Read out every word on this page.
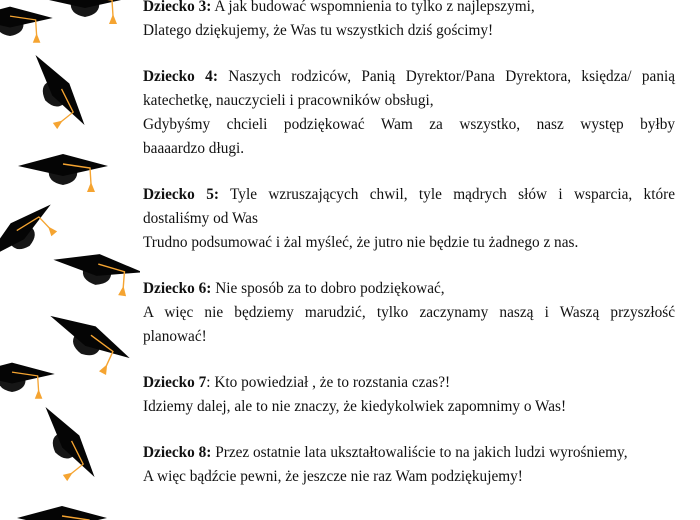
Dziecko 3: A jak budować wspomnienia to tylko z najlepszymi,
Dlatego dziękujemy, że Was tu wszystkich dziś gościmy!
Dziecko 4: Naszych rodziców, Panią Dyrektor/Pana Dyrektora, księdza/ panią
katechetkę, nauczycieli i pracowników obsługi,
Gdybyśmy chcieli podziękować Wam za wszystko, nasz występ byłby
baaaardzo długi.
Dziecko 5: Tyle wzruszających chwil, tyle mądrych słów i wsparcia, które
dostaliśmy od Was
Trudno podsumować i żal myśleć, że jutro nie będzie tu żadnego z nas.
Dziecko 6: Nie sposób za to dobro podziękować,
A więc nie będziemy marudzić, tylko zaczynamy naszą i Waszą przyszłość
planować!
Dziecko 7: Kto powiedział , że to rozstania czas?!
Idziemy dalej, ale to nie znaczy, że kiedykolwiek zapomnimy o Was!
Dziecko 8: Przez ostatnie lata ukształtowaliście to na jakich ludzi wyrośniemy,
A więc bądźcie pewni, że jeszcze nie raz Wam podziękujemy!
